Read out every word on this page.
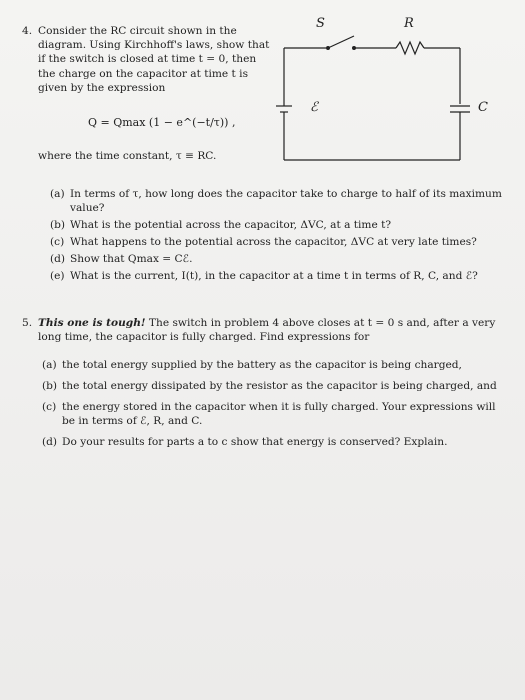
4. Consider the RC circuit shown in the diagram. Using Kirchhoff's laws, show that if the switch is closed at time t = 0, then the charge on the capacitor at time t is given by the expression
Q = Qmax (1 − e^(−t/τ)) ,
where the time constant, τ ≡ RC.
S	R
ℰ	C
(a) In terms of τ, how long does the capacitor take to charge to half of its maximum value?
(b) What is the potential across the capacitor, ΔVC, at a time t?
(c) What happens to the potential across the capacitor, ΔVC at very late times?
(d) Show that Qmax = Cℰ.
(e) What is the current, I(t), in the capacitor at a time t in terms of R, C, and ℰ?
5. This one is tough! The switch in problem 4 above closes at t = 0 s and, after a very long time, the capacitor is fully charged. Find expressions for
(a) the total energy supplied by the battery as the capacitor is being charged,
(b) the total energy dissipated by the resistor as the capacitor is being charged, and
(c) the energy stored in the capacitor when it is fully charged. Your expressions will be in terms of ℰ, R, and C.
(d) Do your results for parts a to c show that energy is conserved? Explain.
